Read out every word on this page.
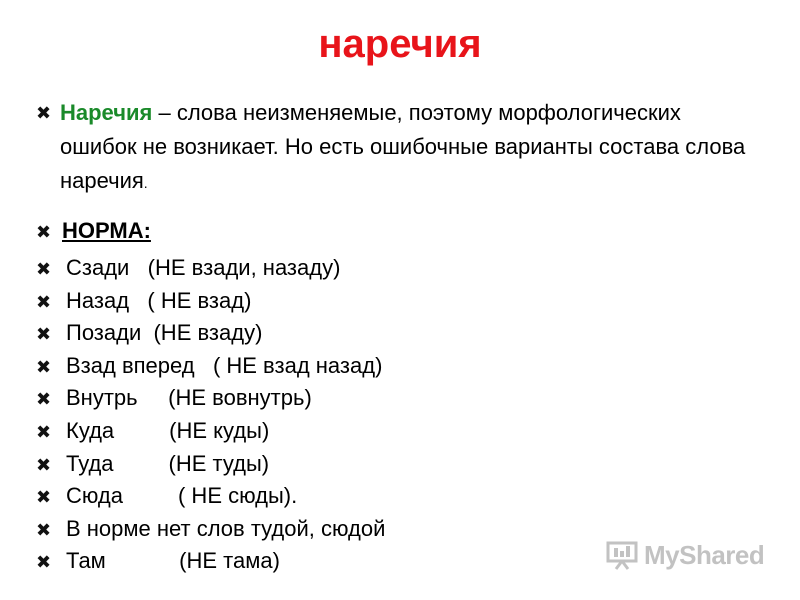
наречия
✖ Наречия – слова неизменяемые, поэтому морфологических ошибок не возникает. Но есть ошибочные варианты состава слова наречия.
✖ НОРМА:
✖ Сзади   (НЕ взади, назаду)
✖ Назад   ( НЕ взад)
✖ Позади  (НЕ взаду)
✖ Взад вперед   ( НЕ взад назад)
✖ Внутрь     (НЕ вовнутрь)
✖ Куда         (НЕ куды)
✖ Туда         (НЕ туды)
✖ Сюда         ( НЕ сюды).
✖ В норме нет слов тудой, сюдой
✖ Там            (НЕ тама)	MyShared
